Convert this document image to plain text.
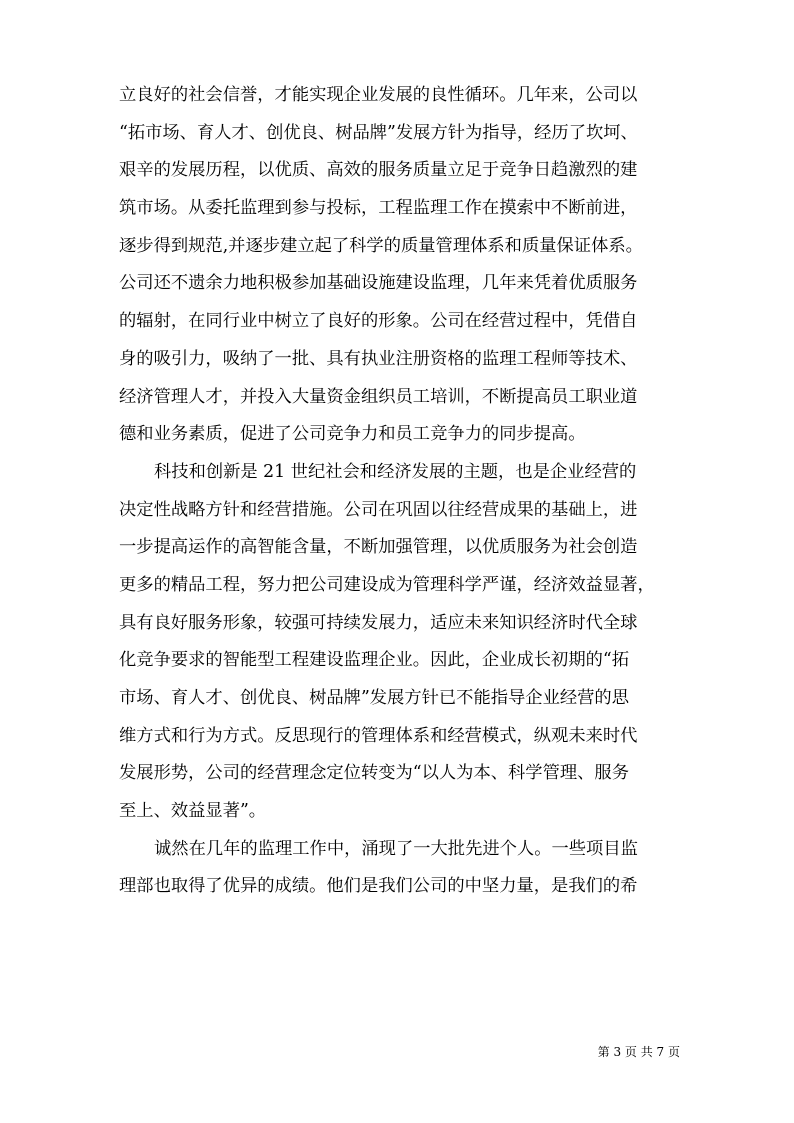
立良好的社会信誉，才能实现企业发展的良性循环。几年来，公司以
“拓市场、育人才、创优良、树品牌”发展方针为指导，经历了坎坷、
艰辛的发展历程，以优质、高效的服务质量立足于竞争日趋激烈的建
筑市场。从委托监理到参与投标，工程监理工作在摸索中不断前进，
逐步得到规范,并逐步建立起了科学的质量管理体系和质量保证体系。
公司还不遗余力地积极参加基础设施建设监理，几年来凭着优质服务
的辐射，在同行业中树立了良好的形象。公司在经营过程中，凭借自
身的吸引力，吸纳了一批、具有执业注册资格的监理工程师等技术、
经济管理人才，并投入大量资金组织员工培训，不断提高员工职业道
德和业务素质，促进了公司竞争力和员工竞争力的同步提高。
科技和创新是 21 世纪社会和经济发展的主题，也是企业经营的
决定性战略方针和经营措施。公司在巩固以往经营成果的基础上，进
一步提高运作的高智能含量，不断加强管理，以优质服务为社会创造
更多的精品工程，努力把公司建设成为管理科学严谨，经济效益显著，
具有良好服务形象，较强可持续发展力，适应未来知识经济时代全球
化竞争要求的智能型工程建设监理企业。因此，企业成长初期的“拓
市场、育人才、创优良、树品牌”发展方针已不能指导企业经营的思
维方式和行为方式。反思现行的管理体系和经营模式，纵观未来时代
发展形势，公司的经营理念定位转变为“以人为本、科学管理、服务
至上、效益显著”。
诚然在几年的监理工作中，涌现了一大批先进个人。一些项目监
理部也取得了优异的成绩。他们是我们公司的中坚力量，是我们的希
第 3 页 共 7 页
